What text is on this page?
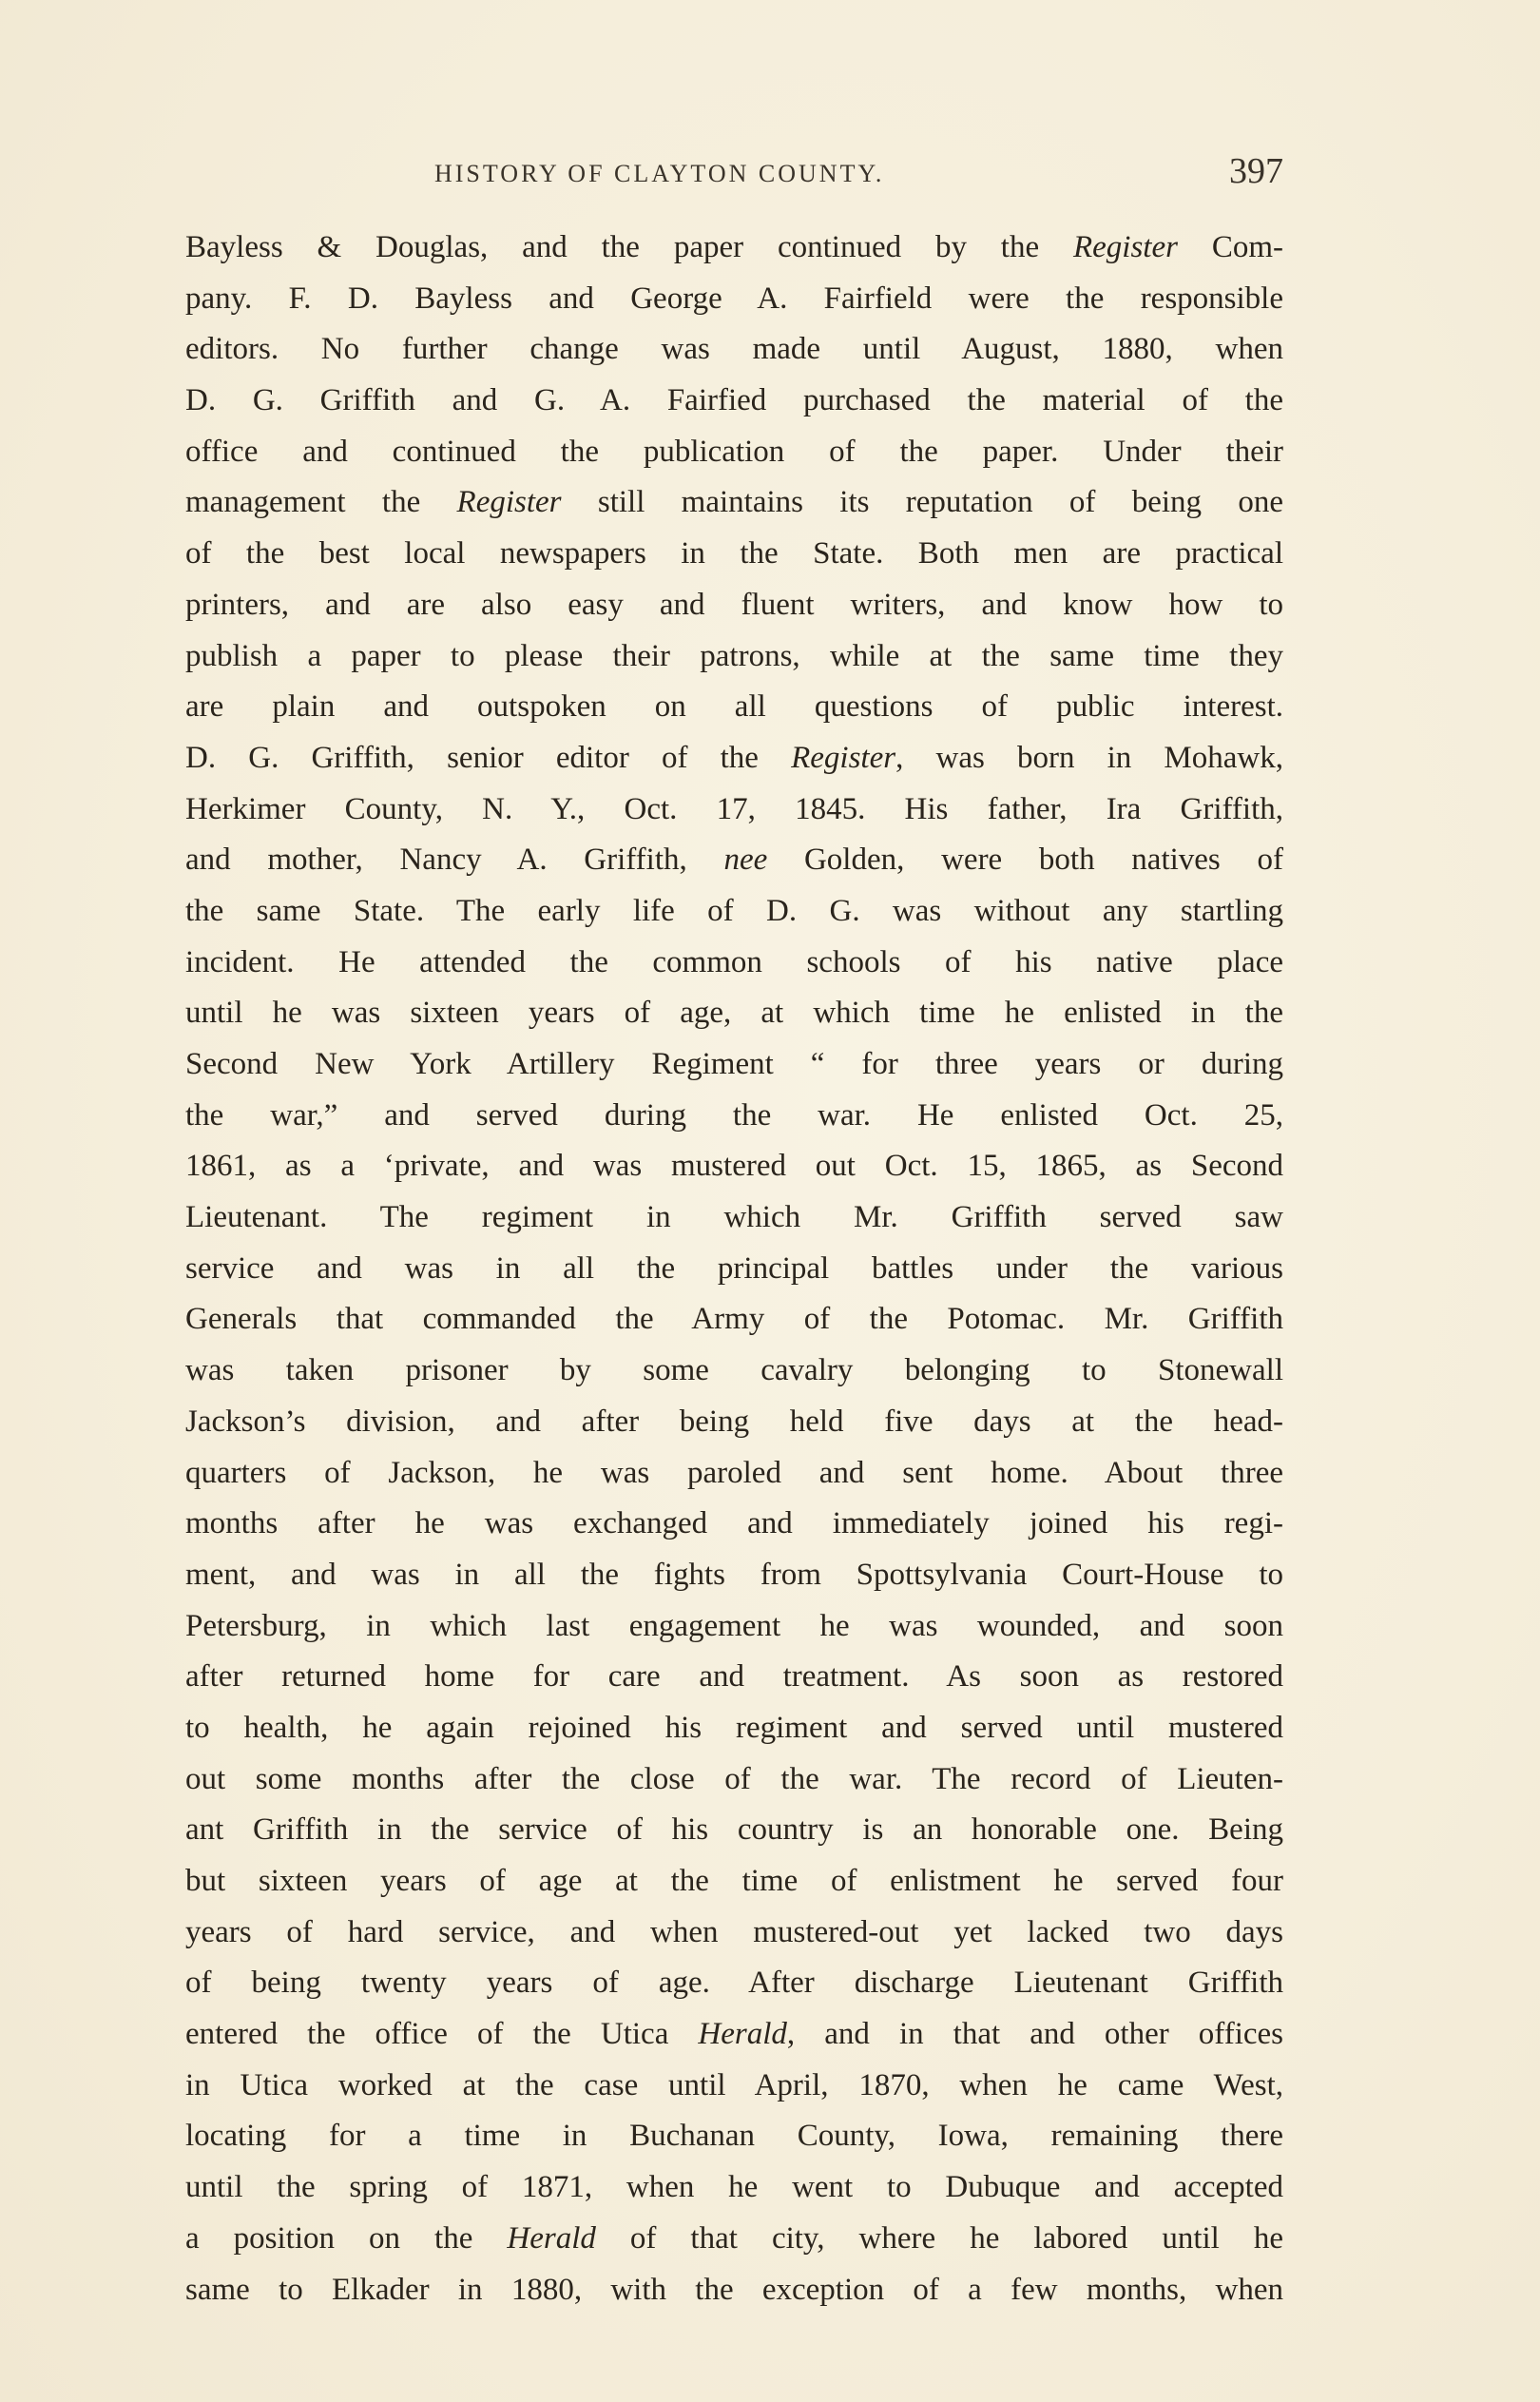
HISTORY OF CLAYTON COUNTY.	397
Bayless & Douglas, and the paper continued by the Register Com-
pany. F. D. Bayless and George A. Fairfield were the responsible
editors. No further change was made until August, 1880, when
D. G. Griffith and G. A. Fairfied purchased the material of the
office and continued the publication of the paper. Under their
management the Register still maintains its reputation of being one
of the best local newspapers in the State. Both men are practical
printers, and are also easy and fluent writers, and know how to
publish a paper to please their patrons, while at the same time they
are plain and outspoken on all questions of public interest.
D. G. Griffith, senior editor of the Register, was born in Mohawk,
Herkimer County, N. Y., Oct. 17, 1845. His father, Ira Griffith,
and mother, Nancy A. Griffith, nee Golden, were both natives of
the same State. The early life of D. G. was without any startling
incident. He attended the common schools of his native place
until he was sixteen years of age, at which time he enlisted in the
Second New York Artillery Regiment “ for three years or during
the war,” and served during the war. He enlisted Oct. 25,
1861, as a ‘private, and was mustered out Oct. 15, 1865, as Second
Lieutenant. The regiment in which Mr. Griffith served saw
service and was in all the principal battles under the various
Generals that commanded the Army of the Potomac. Mr. Griffith
was taken prisoner by some cavalry belonging to Stonewall
Jackson’s division, and after being held five days at the head-
quarters of Jackson, he was paroled and sent home. About three
months after he was exchanged and immediately joined his regi-
ment, and was in all the fights from Spottsylvania Court-House to
Petersburg, in which last engagement he was wounded, and soon
after returned home for care and treatment. As soon as restored
to health, he again rejoined his regiment and served until mustered
out some months after the close of the war. The record of Lieuten-
ant Griffith in the service of his country is an honorable one. Being
but sixteen years of age at the time of enlistment he served four
years of hard service, and when mustered-out yet lacked two days
of being twenty years of age. After discharge Lieutenant Griffith
entered the office of the Utica Herald, and in that and other offices
in Utica worked at the case until April, 1870, when he came West,
locating for a time in Buchanan County, Iowa, remaining there
until the spring of 1871, when he went to Dubuque and accepted
a position on the Herald of that city, where he labored until he
same to Elkader in 1880, with the exception of a few months, when
